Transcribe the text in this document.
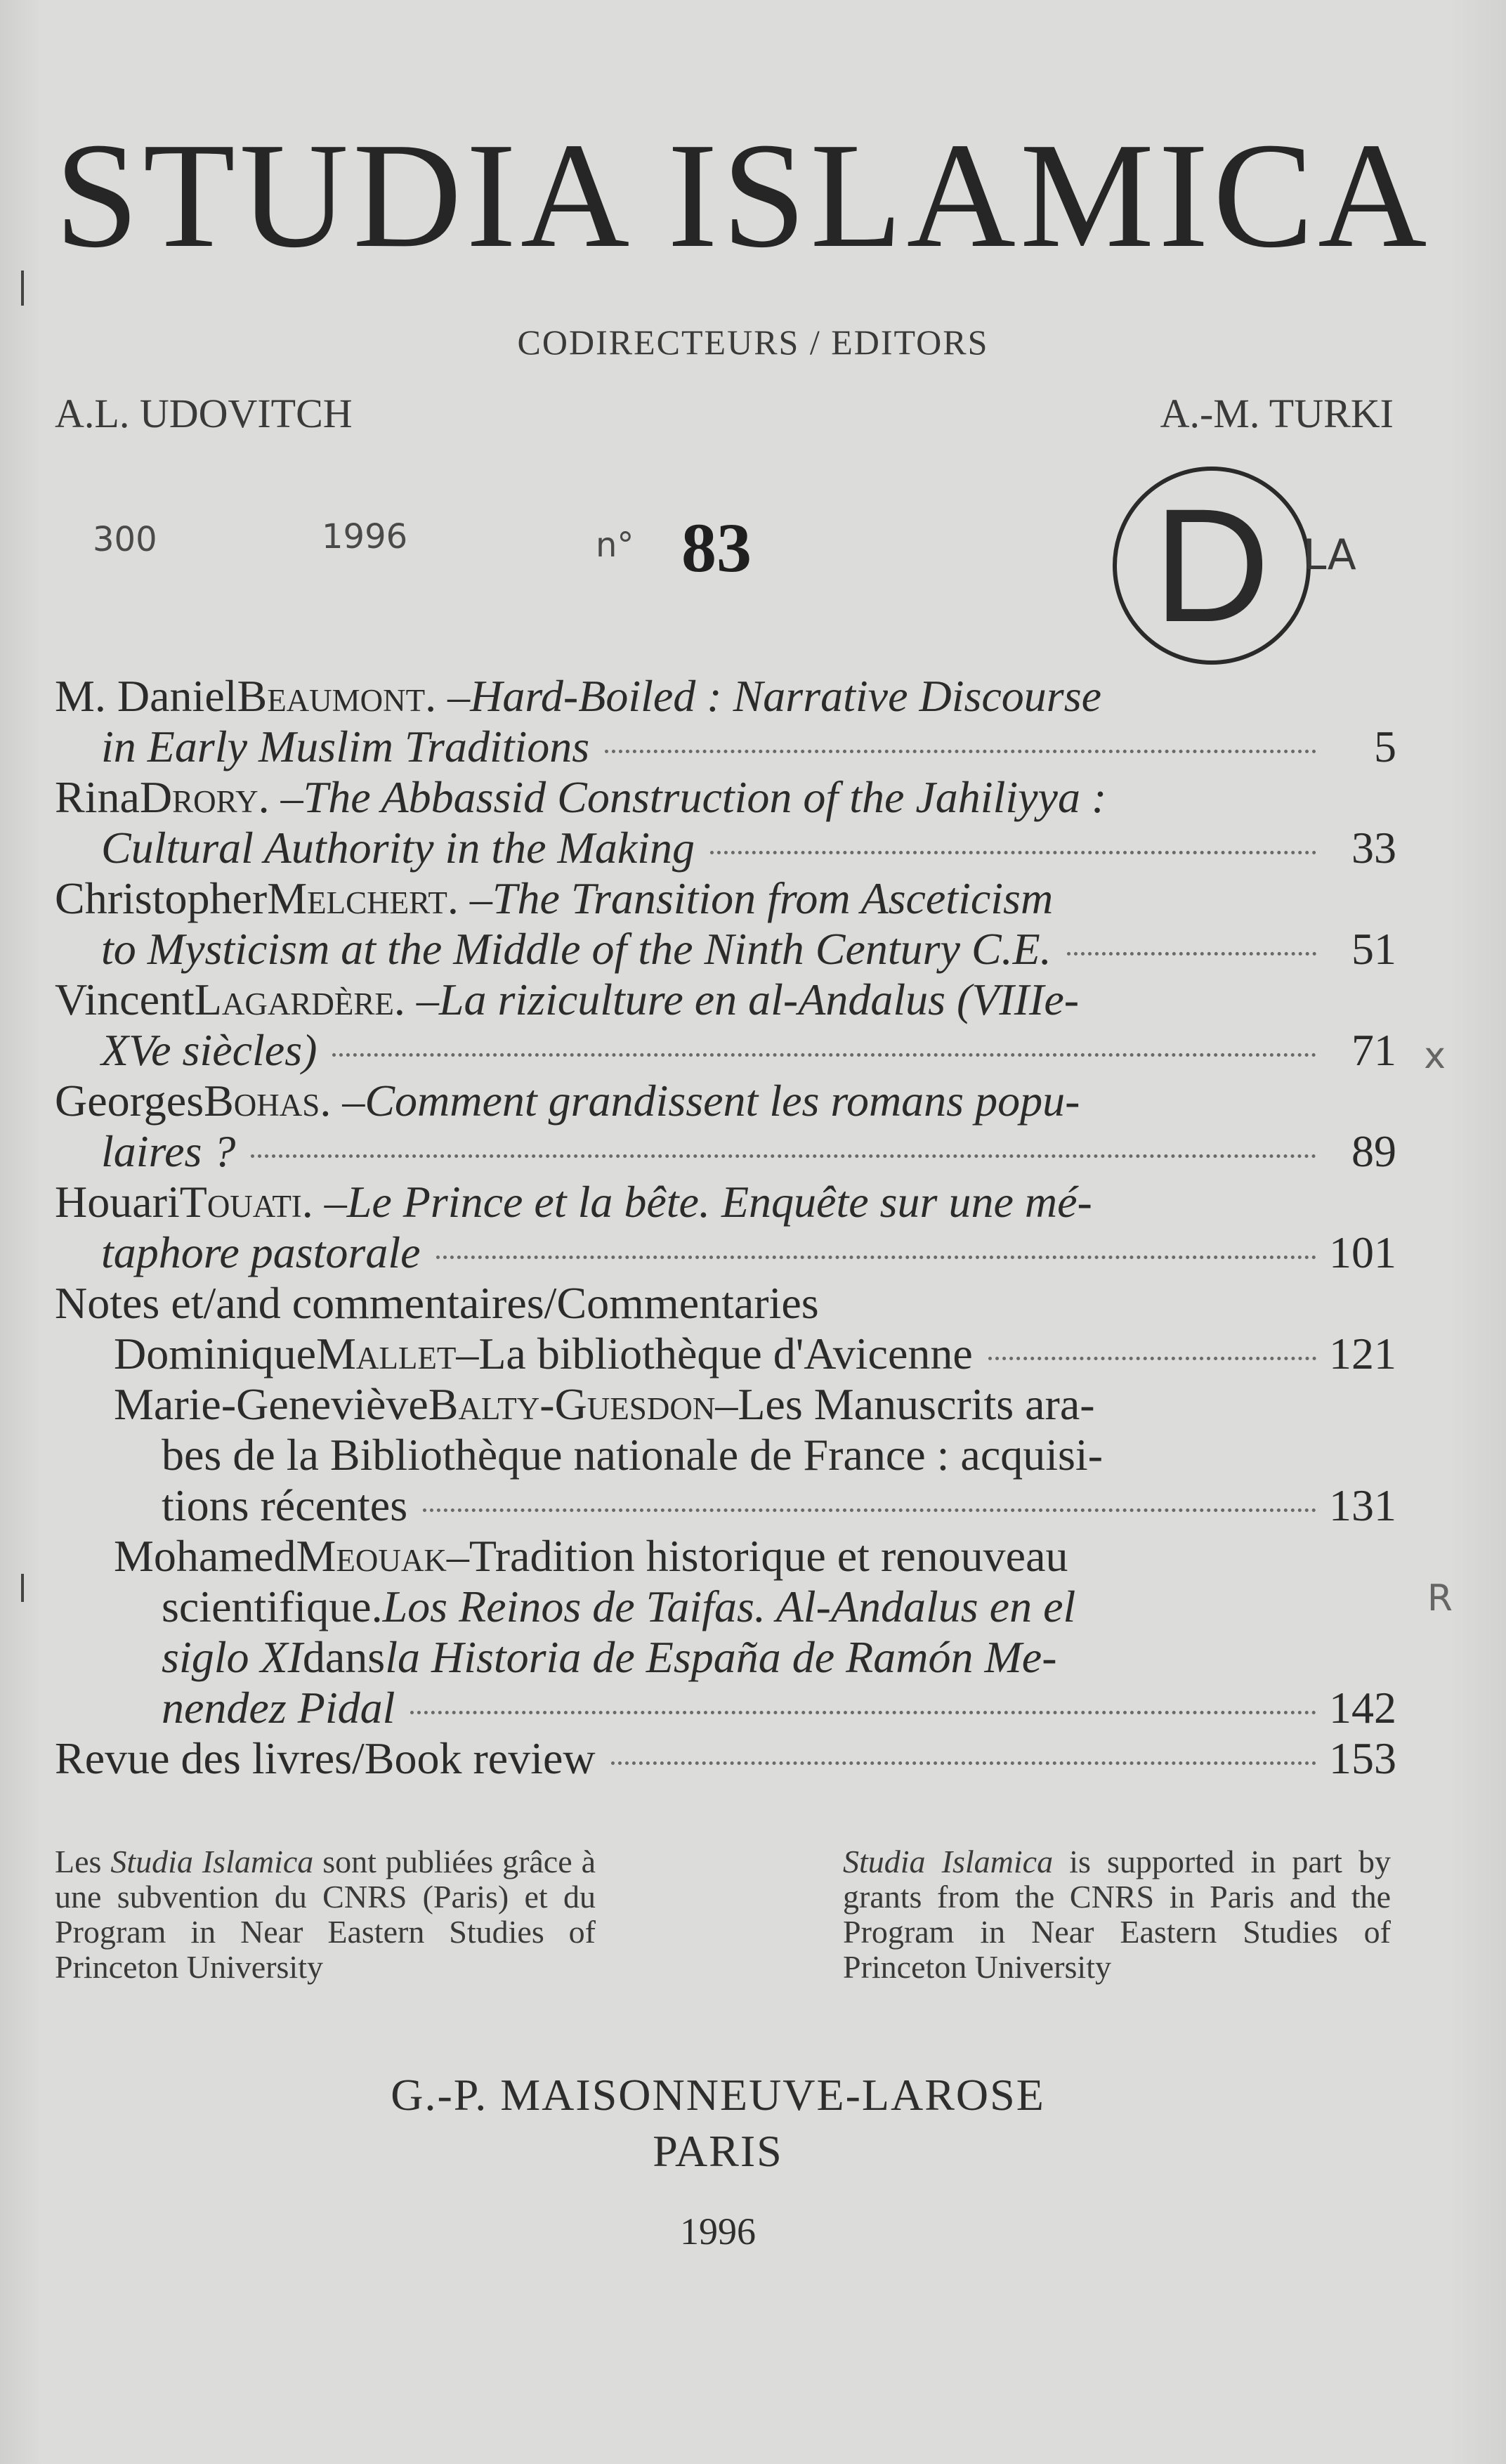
STUDIA ISLAMICA
CODIRECTEURS / EDITORS
A.L. UDOVITCH	A.-M. TURKI
300	1996	n° 83 D LA
M. Daniel Beaumont . – Hard-Boiled : Narrative Discourse
in Early Muslim Traditions	5
Rina Drory . – The Abbassid Construction of the Jahiliyya :
Cultural Authority in the Making	33
Christopher Melchert . – The Transition from Asceticism
to Mysticism at the Middle of the Ninth Century C.E.	51
Vincent Lagardère . – La riziculture en al-Andalus (VIIIe-
XVe siècles)	71 x
Georges Bohas . – Comment grandissent les romans popu-
laires ?	89
Houari Touati . – Le Prince et la bête. Enquête sur une mé-
taphore pastorale	101
Notes et/and commentaires/Commentaries
Dominique Mallet – La bibliothèque d'Avicenne	121
Marie-Geneviève Balty-Guesdon – Les Manuscrits ara-
bes de la Bibliothèque nationale de France : acquisi-
tions récentes	131
Mohamed Meouak – Tradition historique et renouveau
scientifique. Los Reinos de Taifas. Al-Andalus en el
siglo XI dans la Historia de España de Ramón Me-
nendez Pidal	142
R
Revue des livres/Book review	153
Les Studia Islamica sont publiées grâce à une subvention du CNRS (Paris) et du Program in Near Eastern Studies of Princeton University
Studia Islamica is supported in part by grants from the CNRS in Paris and the Program in Near Eastern Studies of Princeton University
G.-P. MAISONNEUVE-LAROSE
PARIS
1996
